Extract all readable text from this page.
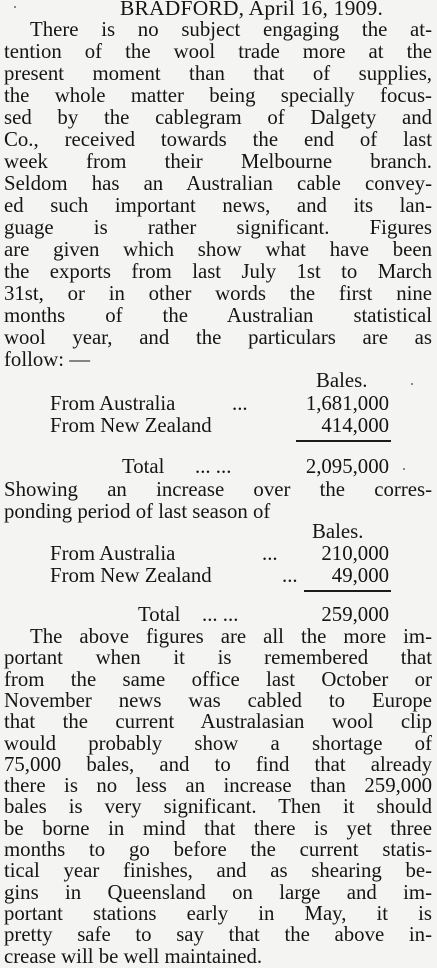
BRADFORD, April 16, 1909.
There is no subject engaging the at-
tention of the wool trade more at the
present moment than that of supplies,
the whole matter being specially focus-
sed by the cablegram of Dalgety and
Co., received towards the end of last
week from their Melbourne branch.
Seldom has an Australian cable convey-
ed such important news, and its lan-
guage is rather significant. Figures
are given which show what have been
the exports from last July 1st to March
31st, or in other words the first nine
months of the Australian statistical
wool year, and the particulars are as
follow: —
Bales.
From Australia	...	1,681,000
From New Zealand	414,000
Total ... ...	2,095,000
Showing an increase over the corres-
ponding period of last season of
Bales.
From Australia	... 210,000
From New Zealand	... 49,000
Total ... ...	259,000
The above figures are all the more im-
portant when it is remembered that
from the same office last October or
November news was cabled to Europe
that the current Australasian wool clip
would probably show a shortage of
75,000 bales, and to find that already
there is no less an increase than 259,000
bales is very significant. Then it should
be borne in mind that there is yet three
months to go before the current statis-
tical year finishes, and as shearing be-
gins in Queensland on large and im-
portant stations early in May, it is
pretty safe to say that the above in-
crease will be well maintained.
